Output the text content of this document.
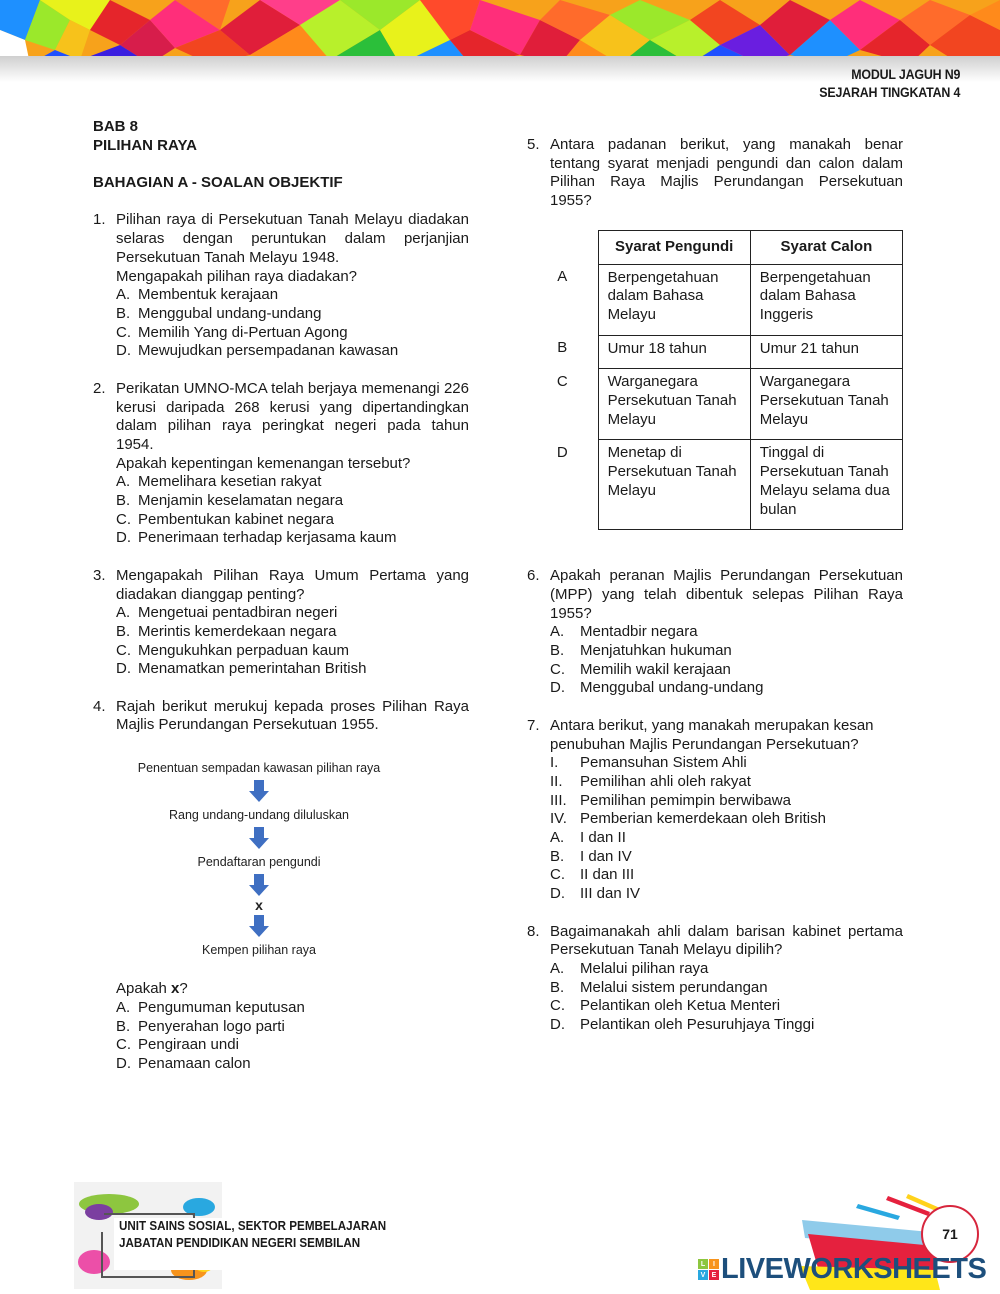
MODUL JAGUH N9
SEJARAH TINGKATAN 4
BAB 8
PILIHAN RAYA
BAHAGIAN A - SOALAN OBJEKTIF
1. Pilihan raya di Persekutuan Tanah Melayu diadakan selaras dengan peruntukan dalam perjanjian Persekutuan Tanah Melayu 1948.
Mengapakah pilihan raya diadakan?
A. Membentuk kerajaan
B. Menggubal undang-undang
C. Memilih Yang di-Pertuan Agong
D. Mewujudkan persempadanan kawasan
2. Perikatan UMNO-MCA telah berjaya memenangi 226 kerusi daripada 268 kerusi yang dipertandingkan dalam pilihan raya peringkat negeri pada tahun 1954.
Apakah kepentingan kemenangan tersebut?
A. Memelihara kesetian rakyat
B. Menjamin keselamatan negara
C. Pembentukan kabinet negara
D. Penerimaan terhadap kerjasama kaum
3. Mengapakah Pilihan Raya Umum Pertama yang diadakan dianggap penting?
A. Mengetuai pentadbiran negeri
B. Merintis kemerdekaan negara
C. Mengukuhkan perpaduan kaum
D. Menamatkan pemerintahan British
4. Rajah berikut merukuj kepada proses Pilihan Raya Majlis Perundangan Persekutuan 1955.
Penentuan sempadan kawasan pilihan raya
Rang undang-undang diluluskan
Pendaftaran pengundi
x
Kempen pilihan raya
Apakah x?
A. Pengumuman keputusan
B. Penyerahan logo parti
C. Pengiraan undi
D. Penamaan calon
5. Antara padanan berikut, yang manakah benar tentang syarat menjadi pengundi dan calon dalam Pilihan Raya Majlis Perundangan Persekutuan 1955?
	Syarat Pengundi	Syarat Calon
A	Berpengetahuan dalam Bahasa Melayu	Berpengetahuan dalam Bahasa Inggeris
B	Umur 18 tahun	Umur 21 tahun
C	Warganegara Persekutuan Tanah Melayu	Warganegara Persekutuan Tanah Melayu
D	Menetap di Persekutuan Tanah Melayu	Tinggal di Persekutuan Tanah Melayu selama dua bulan
6. Apakah peranan Majlis Perundangan Persekutuan (MPP) yang telah dibentuk selepas Pilihan Raya 1955?
A.	Mentadbir negara
B.	Menjatuhkan hukuman
C.	Memilih wakil kerajaan
D.	Menggubal undang-undang
7. Antara berikut, yang manakah merupakan kesan penubuhan Majlis Perundangan Persekutuan?
I.	Pemansuhan Sistem Ahli
II.	Pemilihan ahli oleh rakyat
III. Pemilihan pemimpin berwibawa
IV. Pemberian kemerdekaan oleh British
A.	I dan II
B.	I dan IV
C.	II dan III
D.	III dan IV
8. Bagaimanakah ahli dalam barisan kabinet pertama Persekutuan Tanah Melayu dipilih?
A.	Melalui pilihan raya
B.	Melalui sistem perundangan
C.	Pelantikan oleh Ketua Menteri
D.	Pelantikan oleh Pesuruhjaya Tinggi
UNIT SAINS SOSIAL, SEKTOR PEMBELAJARAN
JABATAN PENDIDIKAN NEGERI SEMBILAN
71
L	I
V E LIVEWORKSHEETS
